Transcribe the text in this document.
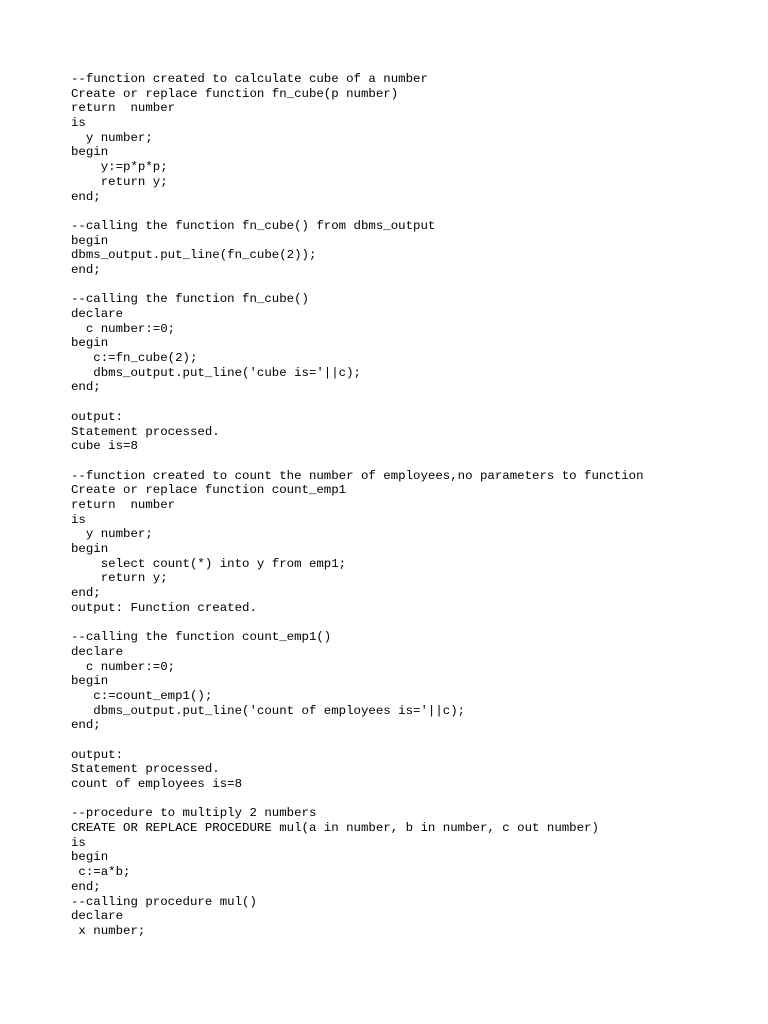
--function created to calculate cube of a number
Create or replace function fn_cube(p number)
return  number
is
y number;
begin
y:=p*p*p;
return y;
end;
--calling the function fn_cube() from dbms_output
begin
dbms_output.put_line(fn_cube(2));
end;
--calling the function fn_cube()
declare
c number:=0;
begin
c:=fn_cube(2);
dbms_output.put_line('cube is='||c);
end;
output:
Statement processed.
cube is=8
--function created to count the number of employees,no parameters to function
Create or replace function count_emp1
return  number
is
y number;
begin
select count(*) into y from emp1;
return y;
end;
output: Function created.
--calling the function count_emp1()
declare
c number:=0;
begin
c:=count_emp1();
dbms_output.put_line('count of employees is='||c);
end;
output:
Statement processed.
count of employees is=8
--procedure to multiply 2 numbers
CREATE OR REPLACE PROCEDURE mul(a in number, b in number, c out number)
is
begin
c:=a*b;
end;
--calling procedure mul()
declare
x number;
